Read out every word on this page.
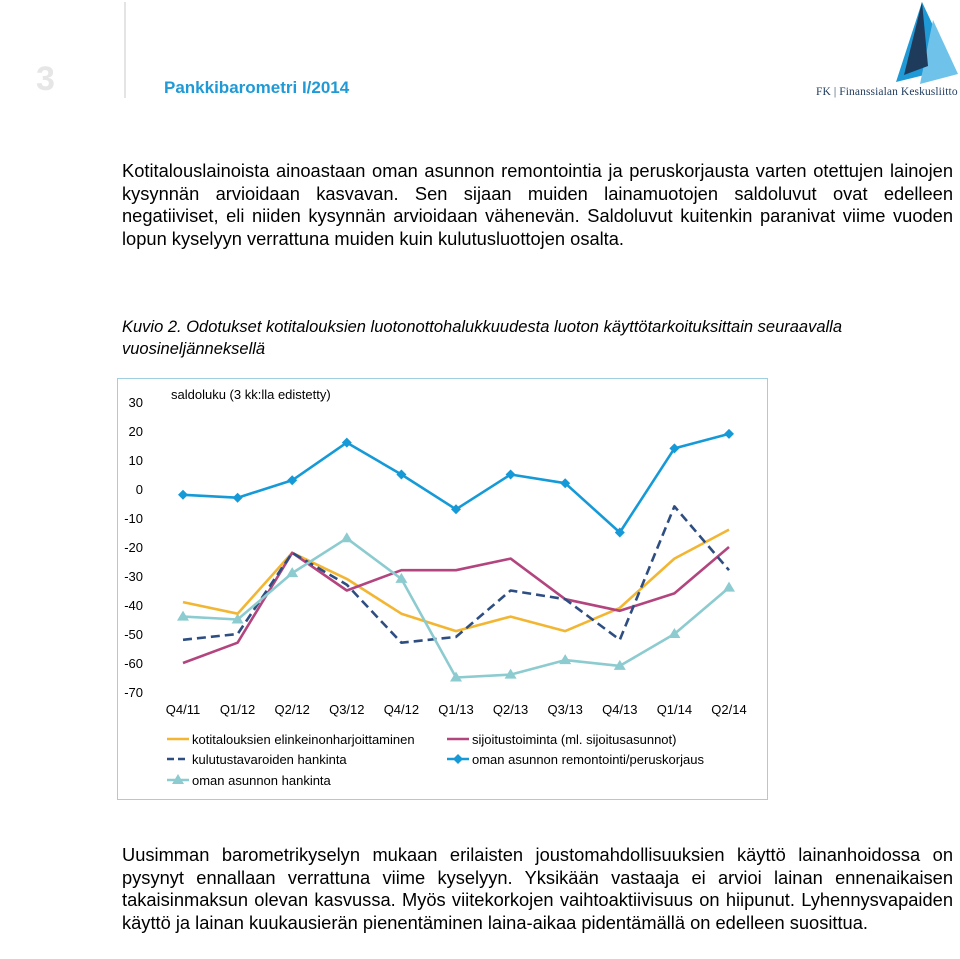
3	Pankkibarometri I/2014	FK | Finanssialan Keskusliitto

Kotitalouslainoista ainoastaan oman asunnon remontointia ja peruskorjausta varten otettujen lainojen kysynnän arvioidaan kasvavan. Sen sijaan muiden lainamuotojen saldoluvut ovat edelleen negatiiviset, eli niiden kysynnän arvioidaan vähenevän. Saldoluvut kuitenkin paranivat viime vuoden lopun kyselyyn verrattuna muiden kuin kulutusluottojen osalta.

Kuvio 2. Odotukset kotitalouksien luotonottohalukkuudesta luoton käyttötarkoituksittain seuraavalla vuosineljänneksellä

30
20
10
0
-10
-20
-30
-40
-50
-60
-70
saldoluku (3 kk:lla edistetty)
Q4/11 Q1/12 Q2/12 Q3/12 Q4/12 Q1/13 Q2/13 Q3/13 Q4/13 Q1/14 Q2/14
kotitalouksien elinkeinonharjoittaminen	sijoitustoiminta (ml. sijoitusasunnot)
kulutustavaroiden hankinta	oman asunnon remontointi/peruskorjaus
oman asunnon hankinta

Uusimman barometrikyselyn mukaan erilaisten joustomahdollisuuksien käyttö lainanhoidossa on pysynyt ennallaan verrattuna viime kyselyyn. Yksikään vastaaja ei arvioi lainan ennenaikaisen takaisinmaksun olevan kasvussa. Myös viitekorkojen vaihtoaktiivisuus on hiipunut. Lyhennysvapaiden käyttö ja lainan kuukausierän pienentäminen laina-aikaa pidentämällä on edelleen suosittua.
